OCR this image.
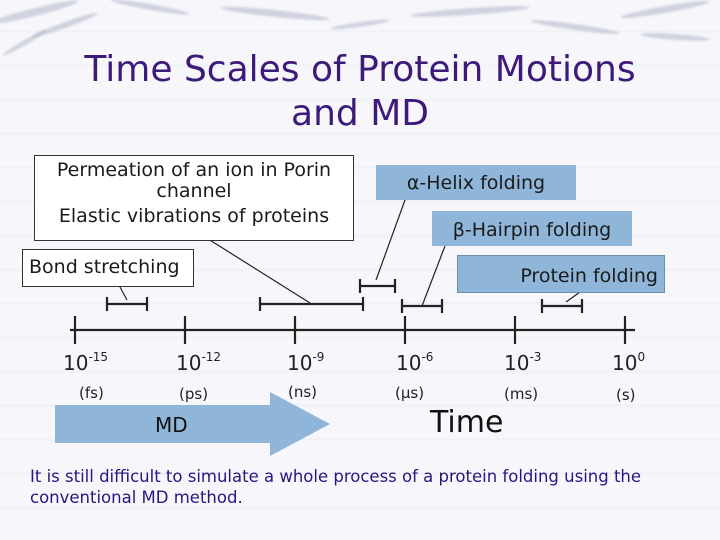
Time Scales of Protein Motions
and MD
Permeation of an ion in Porin
channel
Elastic vibrations of proteins
Bond stretching
α-Helix folding
β-Hairpin folding
Protein folding
$10^{-15}$	$10^{-12}$	$10^{-9}$	$10^{-6}$	$10^{-3}$	$10^0$
(fs)	(ps)	(ns)	(μs)	(ms)	(s)
MD	Time
It is still difficult to simulate a whole process of a protein folding using the
conventional MD method.
